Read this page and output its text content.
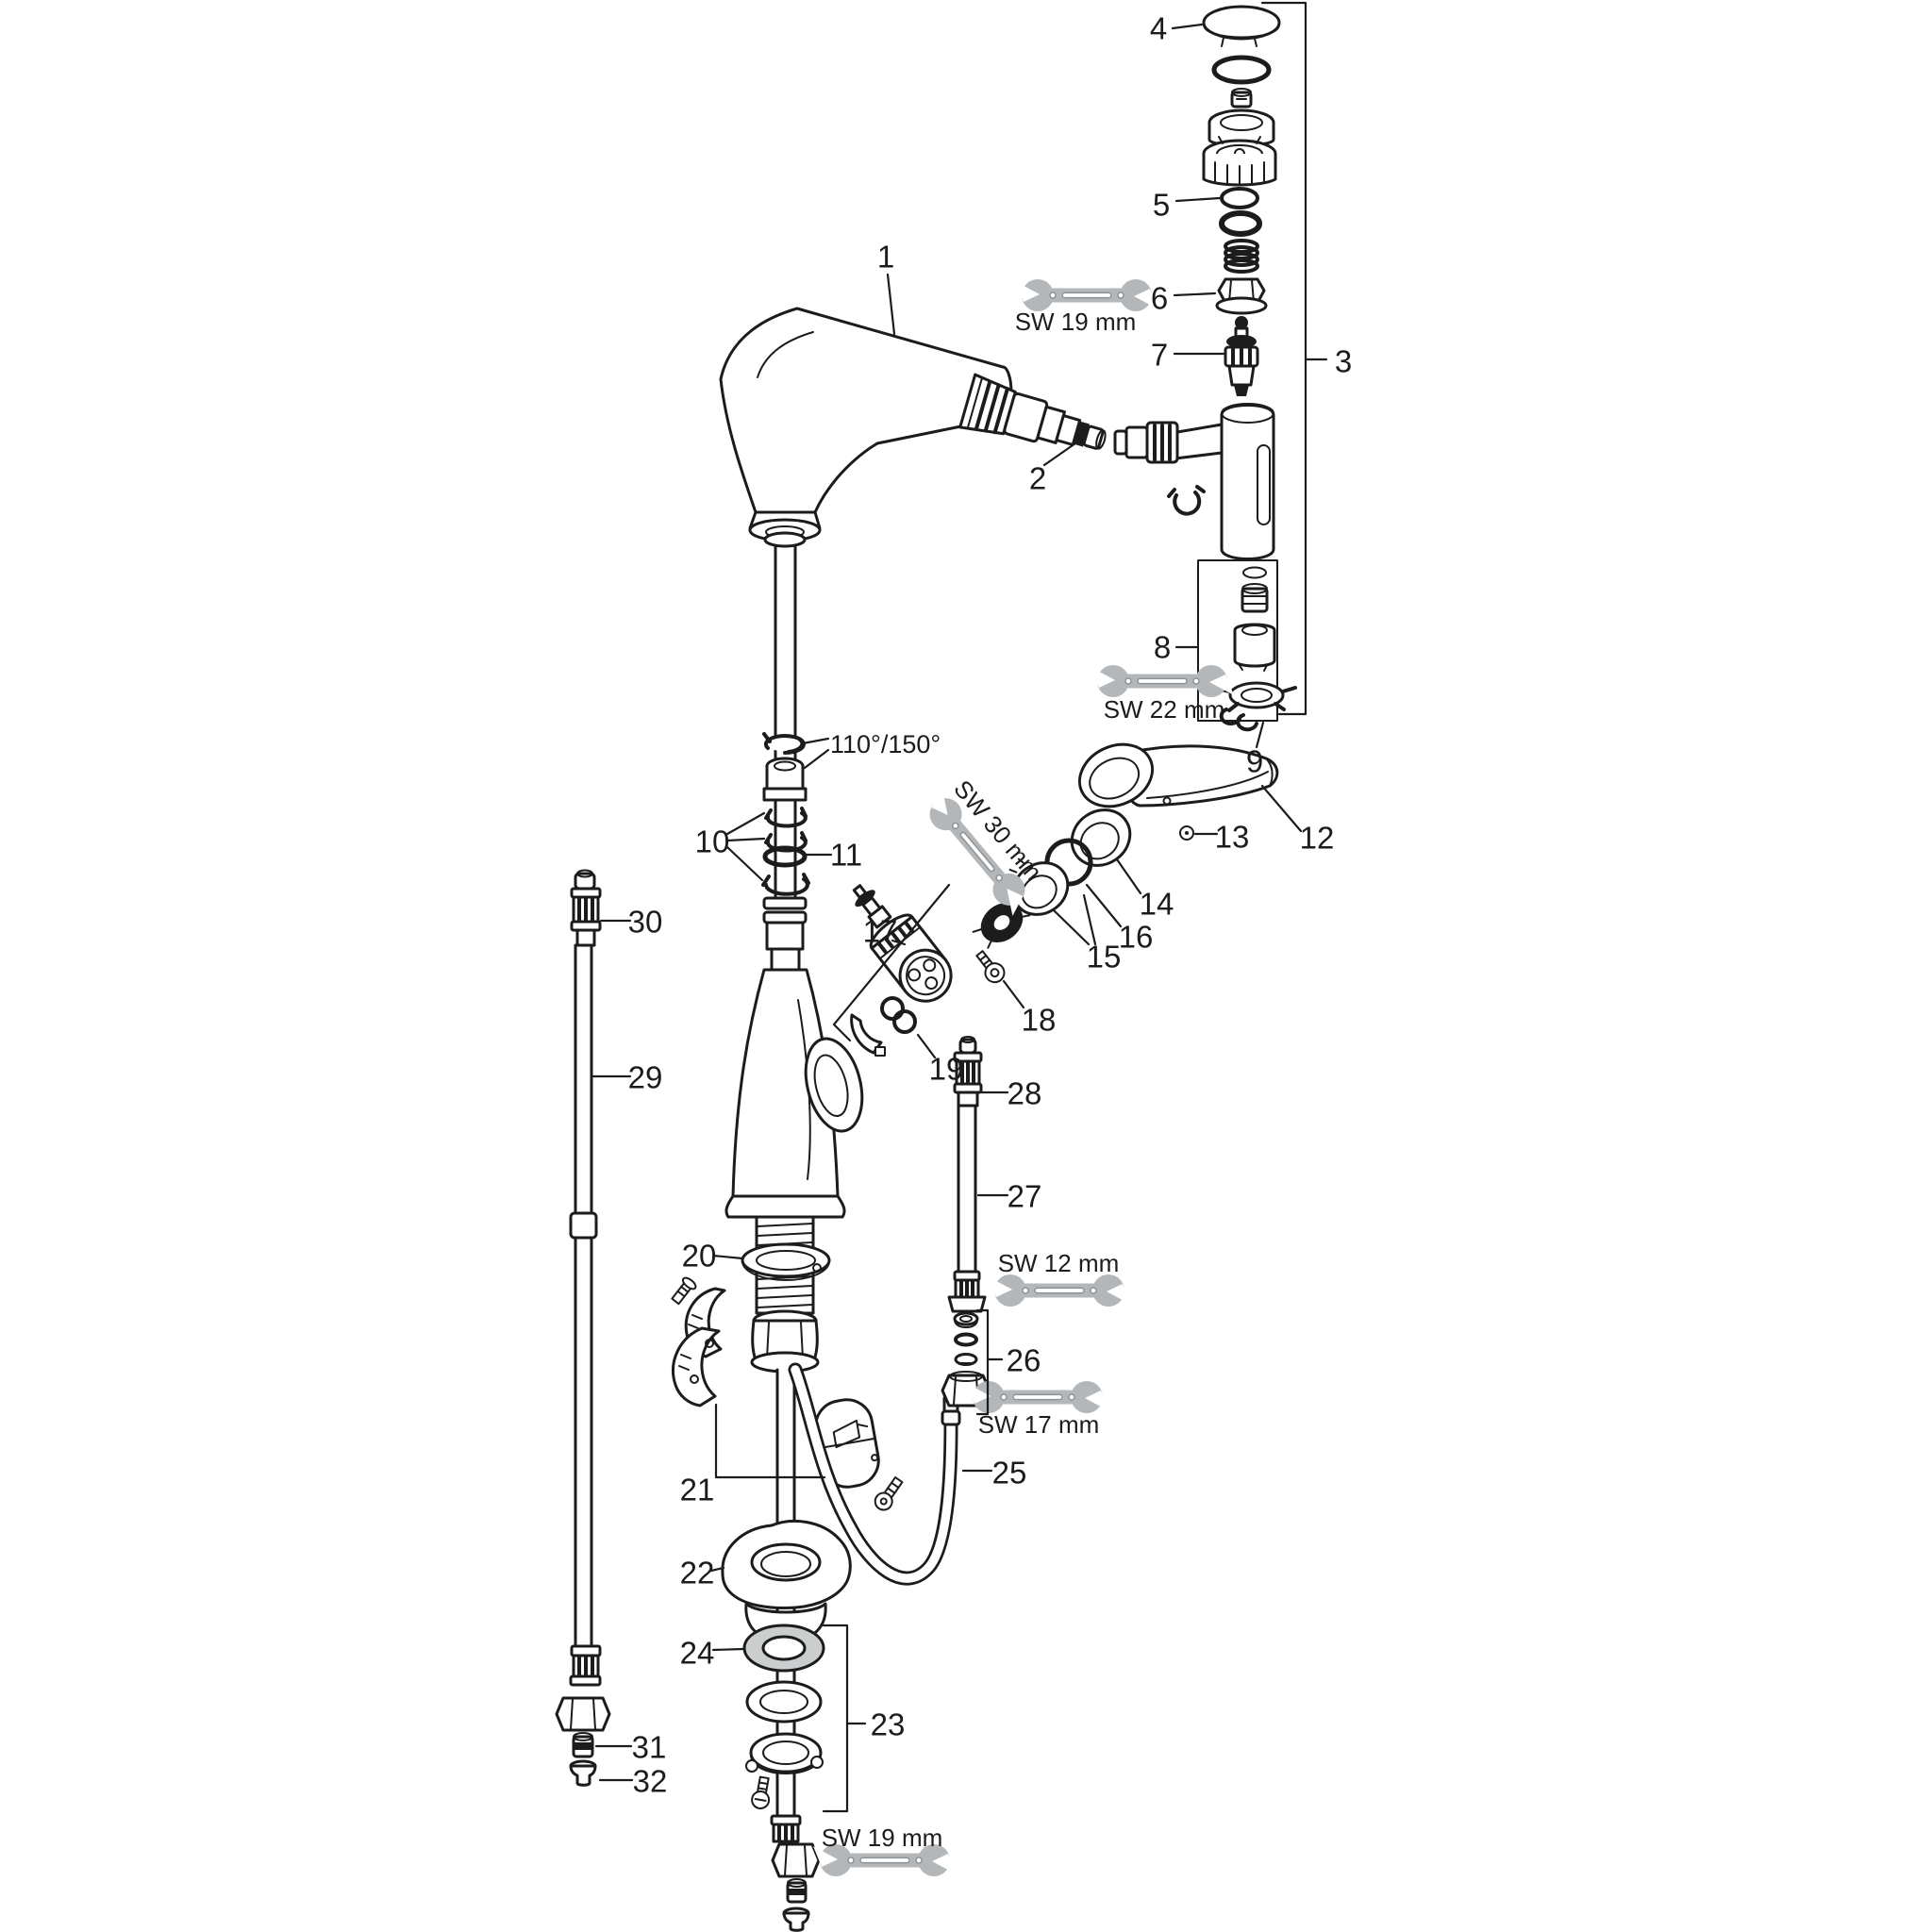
1
2
3
4
5
6
7
8
9
10	11	12
13
14
15
16
17
18
19
20
21
22
23
24
25
26
27
28
29
30
31
32
SW 19 mm
SW 22 mm
SW 30 mm
SW 12 mm
SW 17 mm
SW 19 mm
110°/150°
